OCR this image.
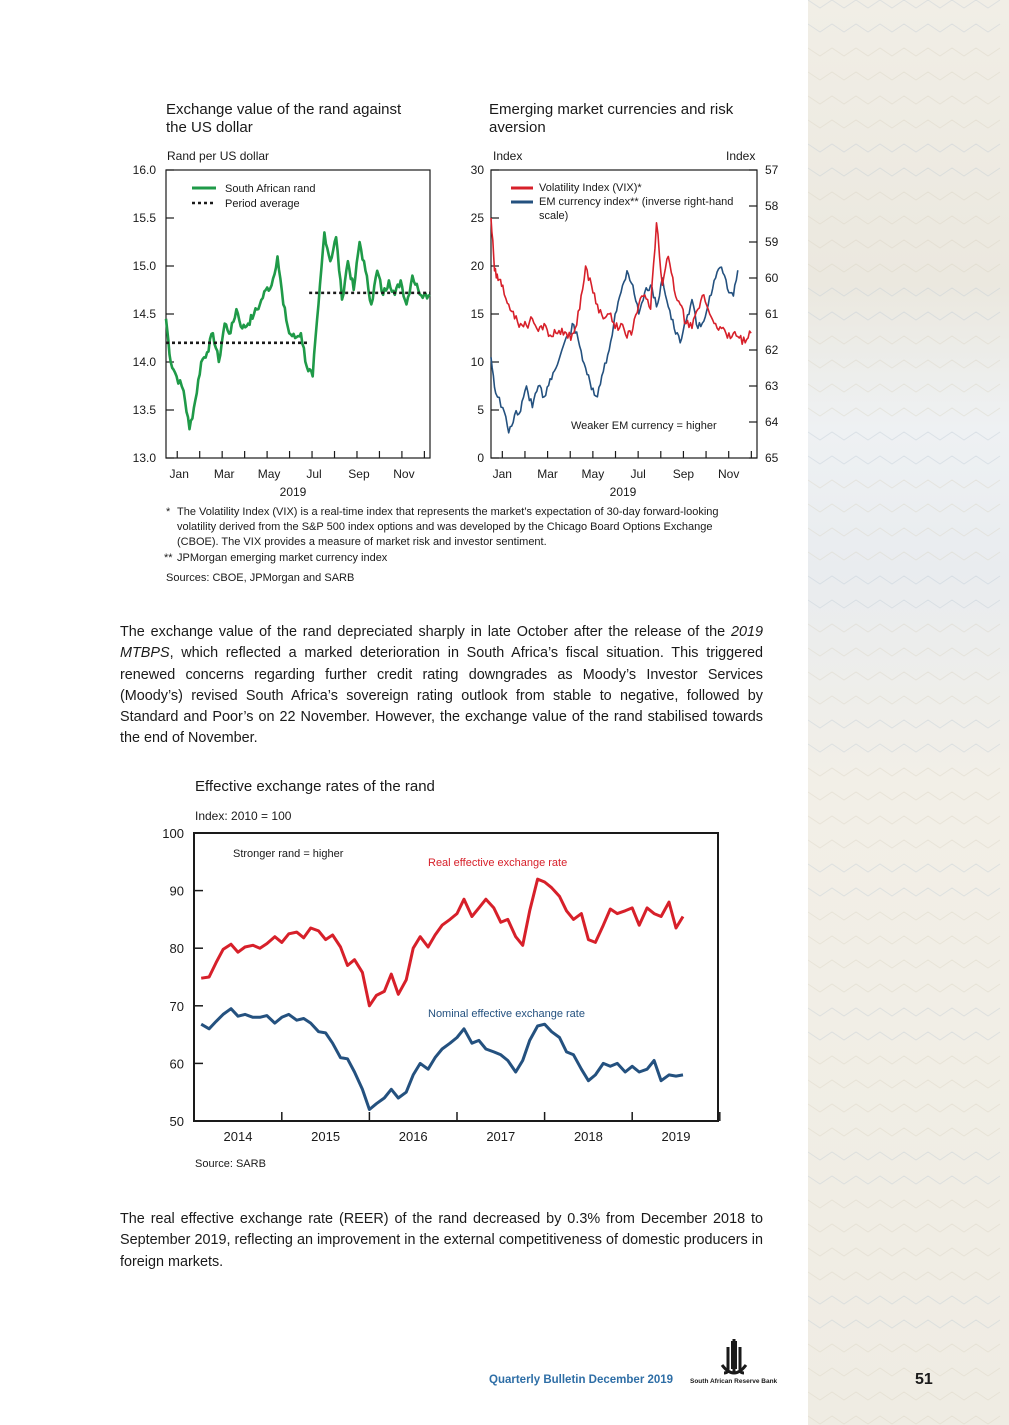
Exchange value of the rand against
the US dollar
Rand per US dollar
Emerging market currencies and risk
aversion
Index	Index
16.0
15.5
15.0
14.5
14.0
13.5
13.0
Jan Mar May Jul Sep Nov
South African rand
Period average
2019
30
25
20
15
10
5
0
57
58
59
60
61
62
63
64
65
Jan Mar May Jul Sep Nov
Volatility Index (VIX)*
EM currency index** (inverse right-hand
scale)
Weaker EM currency = higher
2019
* The Volatility Index (VIX) is a real-time index that represents the market’s expectation of 30-day forward-looking
volatility derived from the S&P 500 index options and was developed by the Chicago Board Options Exchange
(CBOE). The VIX provides a measure of market risk and investor sentiment.
** JPMorgan emerging market currency index
Sources: CBOE, JPMorgan and SARB
The exchange value of the rand depreciated sharply in late October after the release of the 2019 MTBPS, which reflected a marked deterioration in South Africa’s fiscal situation. This triggered renewed concerns regarding further credit rating downgrades as Moody’s Investor Services (Moody’s) revised South Africa’s sovereign rating outlook from stable to negative, followed by Standard and Poor’s on 22 November. However, the exchange value of the rand stabilised towards the end of November.
Effective exchange rates of the rand
Index: 2010 = 100
100
90
80
70
60
50
2014	2015	2016	2017	2018	2019
Stronger rand = higher
Real effective exchange rate
Nominal effective exchange rate
Source: SARB
The real effective exchange rate (REER) of the rand decreased by 0.3% from December 2018 to September 2019, reflecting an improvement in the external competitiveness of domestic producers in foreign markets.
Quarterly Bulletin December 2019	South African Reserve Bank	51
